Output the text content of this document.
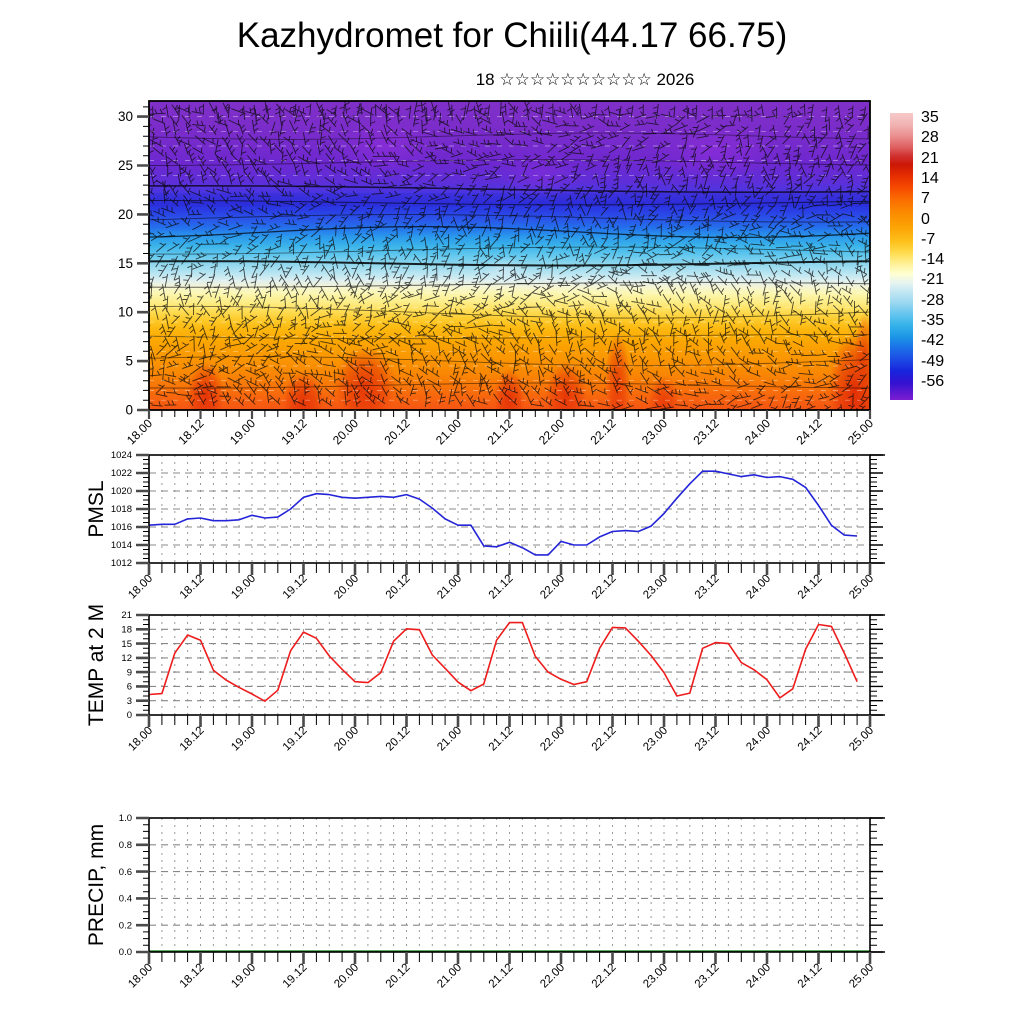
Kazhydromet for Chiili(44.17 66.75)
18 ☆☆☆☆☆☆☆☆☆☆ 2026
0
5
10
15
20
25
30
18.00 18.12 19.00 19.12 20.00 20.12 21.00 21.12 22.00 22.12 23.00 23.12 24.00 24.12 25.00
35
28
21
14
7
0
-7
-14
-21
-28
-35
-42
-49
-56
1012
1014
1016
1018
1020
1022
1024
18.00 18.12 19.00 19.12 20.00 20.12 21.00 21.12 22.00 22.12 23.00 23.12 24.00 24.12 25.00
PMSL
0
3
6
9
12
15
18
21
18.00 18.12 19.00 19.12 20.00 20.12 21.00 21.12 22.00 22.12 23.00 23.12 24.00 24.12 25.00
TEMP at 2 M
0.0
0.2
0.4
0.6
0.8
1.0
18.00 18.12 19.00 19.12 20.00 20.12 21.00 21.12 22.00 22.12 23.00 23.12 24.00 24.12 25.00
PRECIP, mm
